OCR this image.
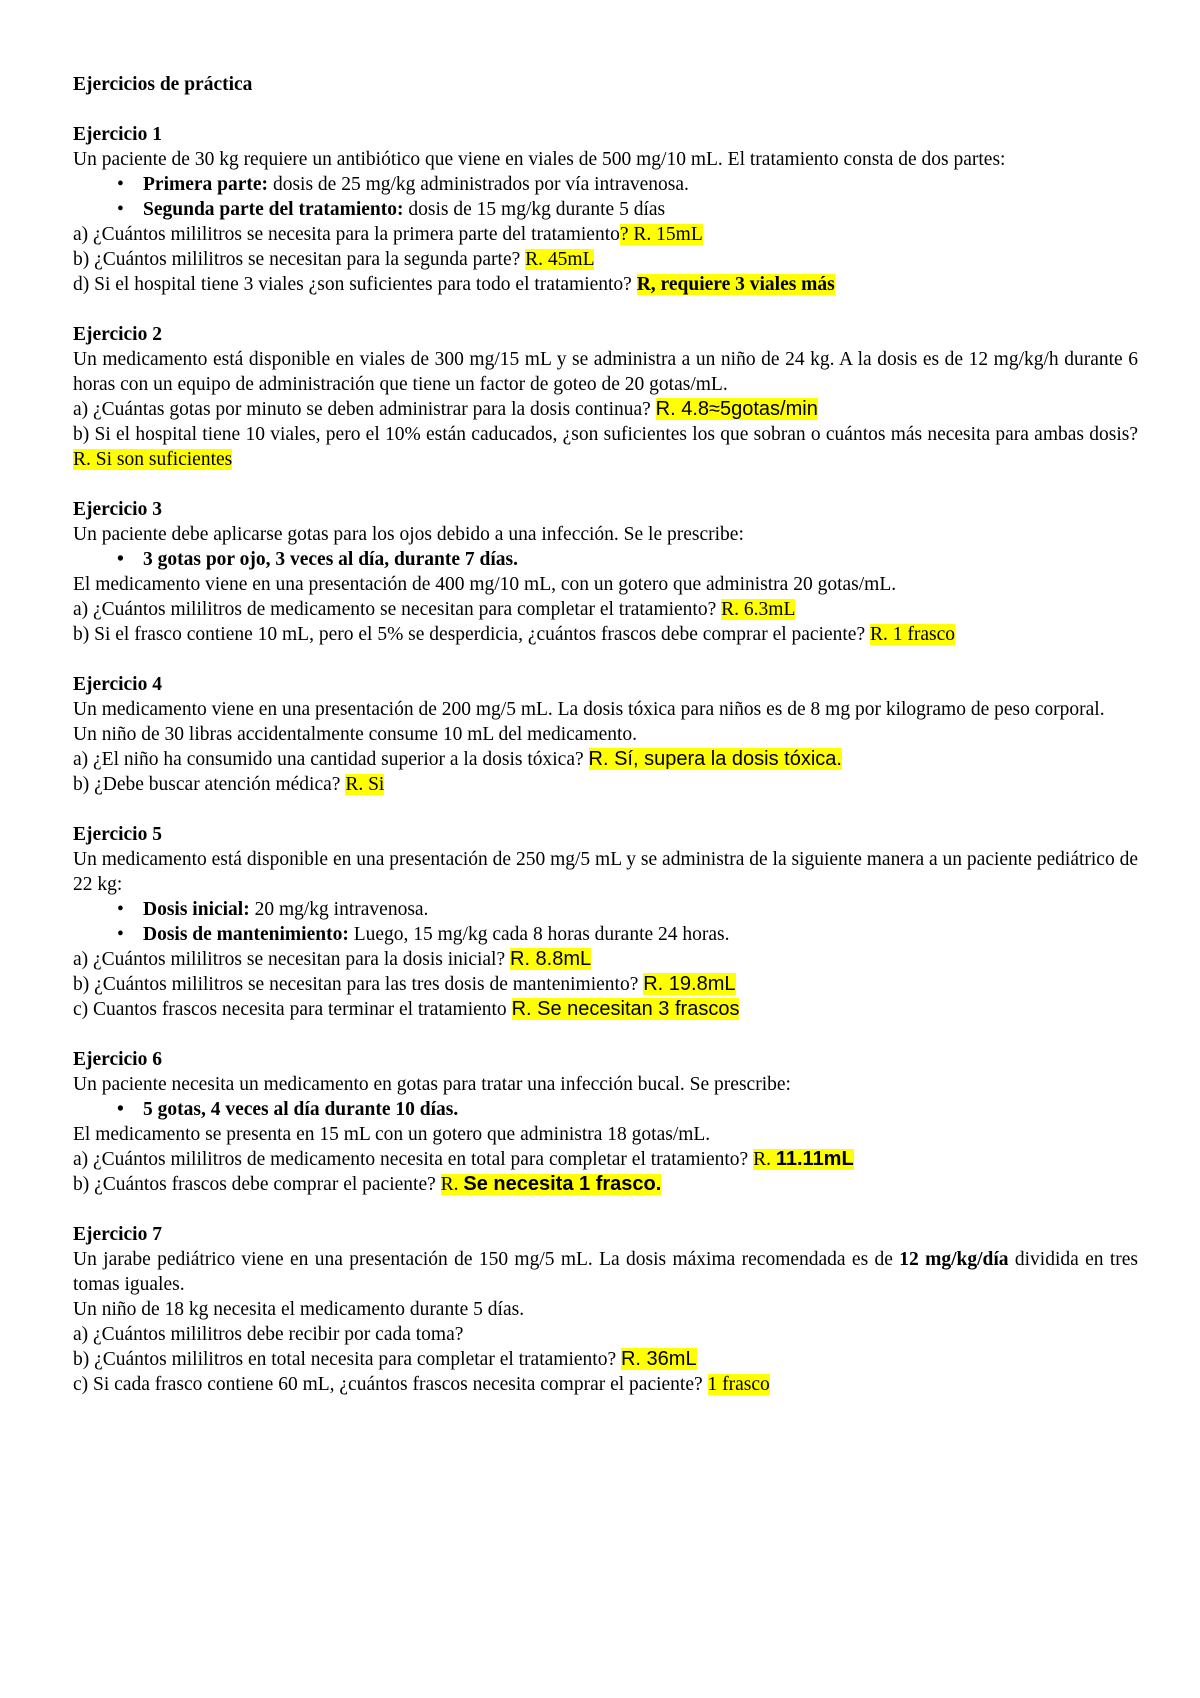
Ejercicios de práctica
Ejercicio 1
Un paciente de 30 kg requiere un antibiótico que viene en viales de 500 mg/10 mL. El tratamiento consta de dos partes:
• Primera parte: dosis de 25 mg/kg administrados por vía intravenosa.
• Segunda parte del tratamiento: dosis de 15 mg/kg durante 5 días
a) ¿Cuántos mililitros se necesita para la primera parte del tratamiento? R. 15mL
b) ¿Cuántos mililitros se necesitan para la segunda parte? R. 45mL
d) Si el hospital tiene 3 viales ¿son suficientes para todo el tratamiento? R, requiere 3 viales más
Ejercicio 2
Un medicamento está disponible en viales de 300 mg/15 mL y se administra a un niño de 24 kg. A la dosis es de 12 mg/kg/h durante 6 horas con un equipo de administración que tiene un factor de goteo de 20 gotas/mL.
a) ¿Cuántas gotas por minuto se deben administrar para la dosis continua? R. 4.8≈5gotas/min
b) Si el hospital tiene 10 viales, pero el 10% están caducados, ¿son suficientes los que sobran o cuántos más necesita para ambas dosis? R. Si son suficientes
Ejercicio 3
Un paciente debe aplicarse gotas para los ojos debido a una infección. Se le prescribe:
• 3 gotas por ojo, 3 veces al día, durante 7 días.
El medicamento viene en una presentación de 400 mg/10 mL, con un gotero que administra 20 gotas/mL.
a) ¿Cuántos mililitros de medicamento se necesitan para completar el tratamiento? R. 6.3mL
b) Si el frasco contiene 10 mL, pero el 5% se desperdicia, ¿cuántos frascos debe comprar el paciente? R. 1 frasco
Ejercicio 4
Un medicamento viene en una presentación de 200 mg/5 mL. La dosis tóxica para niños es de 8 mg por kilogramo de peso corporal.
Un niño de 30 libras accidentalmente consume 10 mL del medicamento.
a) ¿El niño ha consumido una cantidad superior a la dosis tóxica? R. Sí, supera la dosis tóxica.
b) ¿Debe buscar atención médica? R. Si
Ejercicio 5
Un medicamento está disponible en una presentación de 250 mg/5 mL y se administra de la siguiente manera a un paciente pediátrico de 22 kg:
• Dosis inicial: 20 mg/kg intravenosa.
• Dosis de mantenimiento: Luego, 15 mg/kg cada 8 horas durante 24 horas.
a) ¿Cuántos mililitros se necesitan para la dosis inicial? R. 8.8mL
b) ¿Cuántos mililitros se necesitan para las tres dosis de mantenimiento? R. 19.8mL
c) Cuantos frascos necesita para terminar el tratamiento R. Se necesitan 3 frascos
Ejercicio 6
Un paciente necesita un medicamento en gotas para tratar una infección bucal. Se prescribe:
• 5 gotas, 4 veces al día durante 10 días.
El medicamento se presenta en 15 mL con un gotero que administra 18 gotas/mL.
a) ¿Cuántos mililitros de medicamento necesita en total para completar el tratamiento? R. 11.11mL
b) ¿Cuántos frascos debe comprar el paciente? R. Se necesita 1 frasco.
Ejercicio 7
Un jarabe pediátrico viene en una presentación de 150 mg/5 mL. La dosis máxima recomendada es de 12 mg/kg/día dividida en tres tomas iguales.
Un niño de 18 kg necesita el medicamento durante 5 días.
a) ¿Cuántos mililitros debe recibir por cada toma?
b) ¿Cuántos mililitros en total necesita para completar el tratamiento? R. 36mL
c) Si cada frasco contiene 60 mL, ¿cuántos frascos necesita comprar el paciente? 1 frasco
